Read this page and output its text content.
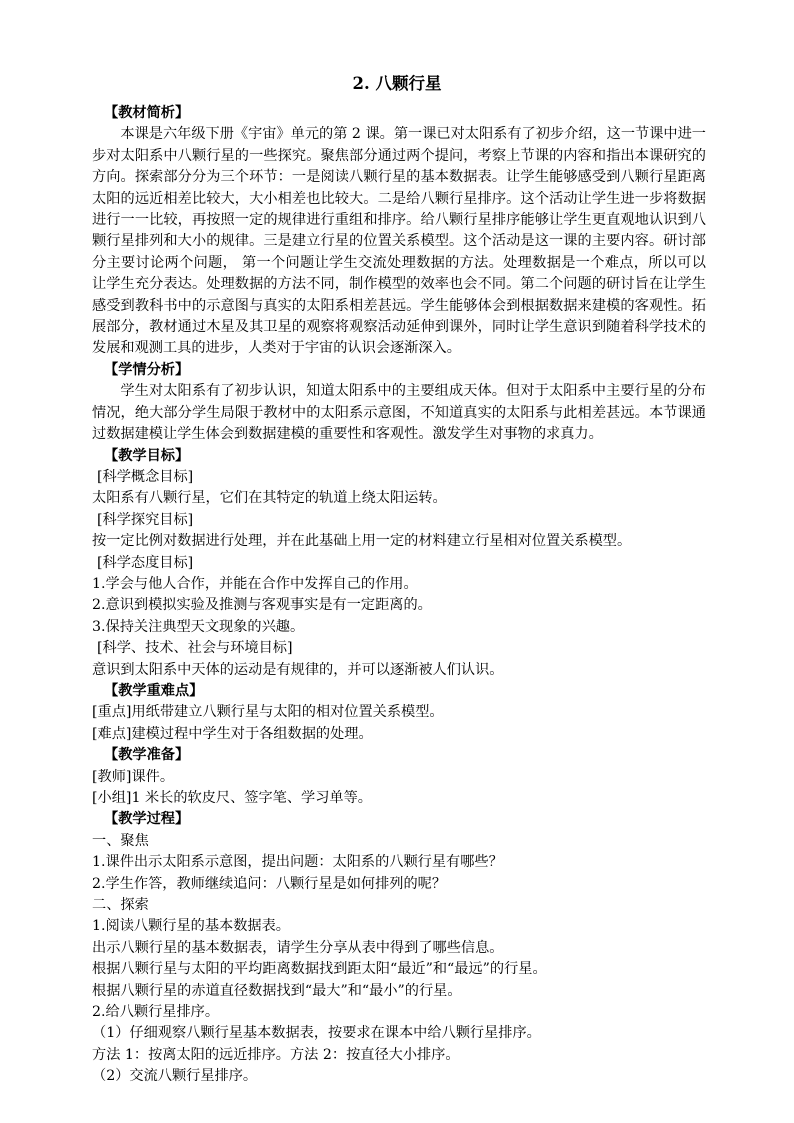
2. 八颗行星

【教材简析】

本课是六年级下册《宇宙》单元的第 2 课。第一课已对太阳系有了初步介绍，这一节课中进一步对太阳系中八颗行星的一些探究。聚焦部分通过两个提问，考察上节课的内容和指出本课研究的方向。探索部分分为三个环节：一是阅读八颗行星的基本数据表。让学生能够感受到八颗行星距离太阳的远近相差比较大，大小相差也比较大。二是给八颗行星排序。这个活动让学生进一步将数据进行一一比较，再按照一定的规律进行重组和排序。给八颗行星排序能够让学生更直观地认识到八颗行星排列和大小的规律。三是建立行星的位置关系模型。这个活动是这一课的主要内容。研讨部分主要讨论两个问题， 第一个问题让学生交流处理数据的方法。处理数据是一个难点，所以可以让学生充分表达。处理数据的方法不同，制作模型的效率也会不同。第二个问题的研讨旨在让学生感受到教科书中的示意图与真实的太阳系相差甚远。学生能够体会到根据数据来建模的客观性。拓展部分，教材通过木星及其卫星的观察将观察活动延伸到课外，同时让学生意识到随着科学技术的发展和观测工具的进步，人类对于宇宙的认识会逐渐深入。

【学情分析】

学生对太阳系有了初步认识，知道太阳系中的主要组成天体。但对于太阳系中主要行星的分布情况，绝大部分学生局限于教材中的太阳系示意图，不知道真实的太阳系与此相差甚远。本节课通过数据建模让学生体会到数据建模的重要性和客观性。激发学生对事物的求真力。

【教学目标】

[科学概念目标]

太阳系有八颗行星，它们在其特定的轨道上绕太阳运转。

[科学探究目标]

按一定比例对数据进行处理，并在此基础上用一定的材料建立行星相对位置关系模型。

[科学态度目标]

1.学会与他人合作，并能在合作中发挥自己的作用。

2.意识到模拟实验及推测与客观事实是有一定距离的。

3.保持关注典型天文现象的兴趣。

[科学、技术、社会与环境目标]

意识到太阳系中天体的运动是有规律的，并可以逐渐被人们认识。

【教学重难点】

[重点]用纸带建立八颗行星与太阳的相对位置关系模型。

[难点]建模过程中学生对于各组数据的处理。

【教学准备】

[教师]课件。

[小组]1 米长的软皮尺、签字笔、学习单等。

【教学过程】

一、聚焦

1.课件出示太阳系示意图，提出问题：太阳系的八颗行星有哪些？

2.学生作答，教师继续追问：八颗行星是如何排列的呢？

二、探索

1.阅读八颗行星的基本数据表。

出示八颗行星的基本数据表，请学生分享从表中得到了哪些信息。

根据八颗行星与太阳的平均距离数据找到距太阳“最近”和“最远”的行星。

根据八颗行星的赤道直径数据找到“最大”和“最小”的行星。

2.给八颗行星排序。

（1）仔细观察八颗行星基本数据表，按要求在课本中给八颗行星排序。

方法 1：按离太阳的远近排序。方法 2：按直径大小排序。

（2）交流八颗行星排序。
